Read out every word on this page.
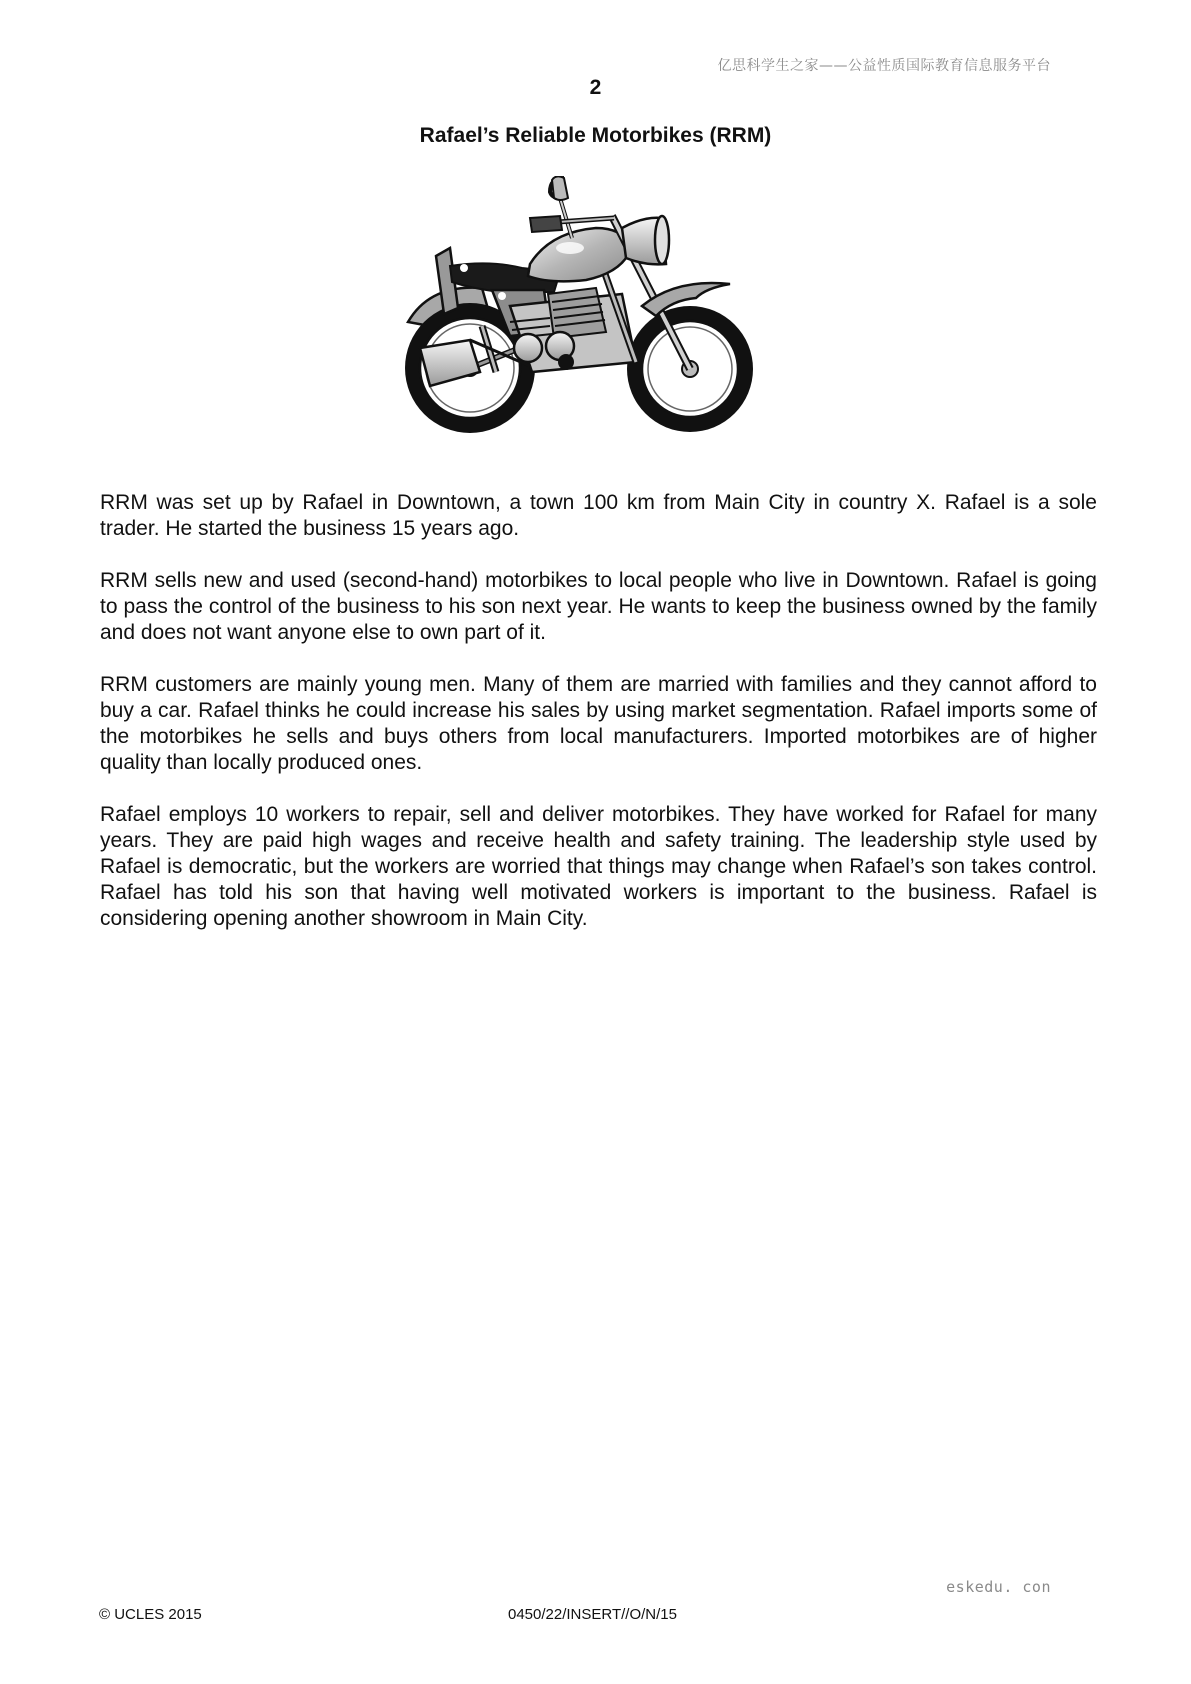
亿思科学生之家——公益性质国际教育信息服务平台
2
Rafael’s Reliable Motorbikes (RRM)

RRM was set up by Rafael in Downtown, a town 100 km from Main City in country X. Rafael is a sole trader. He started the business 15 years ago.

RRM sells new and used (second-hand) motorbikes to local people who live in Downtown. Rafael is going to pass the control of the business to his son next year. He wants to keep the business owned by the family and does not want anyone else to own part of it.

RRM customers are mainly young men. Many of them are married with families and they cannot afford to buy a car. Rafael thinks he could increase his sales by using market segmentation. Rafael imports some of the motorbikes he sells and buys others from local manufacturers. Imported motorbikes are of higher quality than locally produced ones.

Rafael employs 10 workers to repair, sell and deliver motorbikes. They have worked for Rafael for many years. They are paid high wages and receive health and safety training. The leadership style used by Rafael is democratic, but the workers are worried that things may change when Rafael’s son takes control. Rafael has told his son that having well motivated workers is important to the business. Rafael is considering opening another showroom in Main City.

eskedu. con
© UCLES 2015	0450/22/INSERT//O/N/15
